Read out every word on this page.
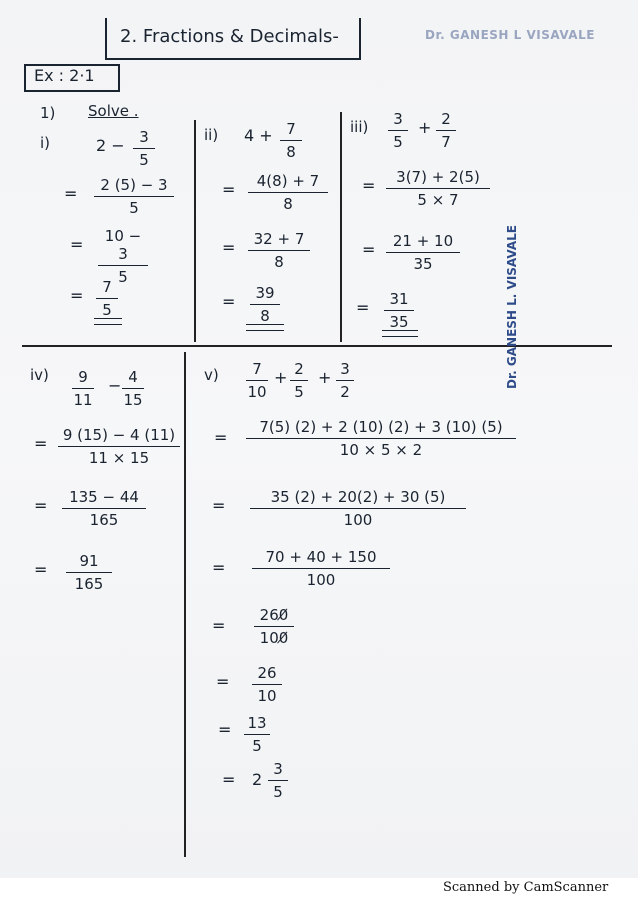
2. Fractions & Decimals-	Dr. GANESH L VISAVALE
Ex : 2·1
1) Solve .
Dr. GANESH L. VISAVALE
i)	$2 - \frac{3}{5}$
= $\frac{2 (5) - 3}{5}$
= $\frac{10 - 3}{5}$
= $\frac{7}{5}$
ii) $4 + \frac{7}{8}$
= $\frac{4(8) + 7}{8}$
= $\frac{32 + 7}{8}$
= $\frac{39}{8}$
$iii) \frac{3}{5} + \frac{2}{7}$
= $\frac{3(7) + 2(5)}{5 \times 7}$
= $\frac{21 + 10}{35}$
= $\frac{31}{35}$
$iv) \frac{9}{11} - \frac{4}{15}$
= $\frac{9 (15) - 4 (11)}{11 \times 15}$
= $\frac{135 - 44}{165}$
= $\frac{91}{165}$
$v) \frac{7}{10} + \frac{2}{5} + \frac{3}{2}$
= $\frac{7(5) (2) + 2 (10) (2) + 3 (10) (5)}{10 \times 5 \times 2}$
= $\frac{35 (2) + 20(2) + 30 (5)}{100}$
= $\frac{70 + 40 + 150}{100}$
= $\frac{260̸}{100̸}$
= $\frac{26}{10}$
= $\frac{13}{5}$
= $2 \frac{3}{5}$
Scanned by CamScanner
